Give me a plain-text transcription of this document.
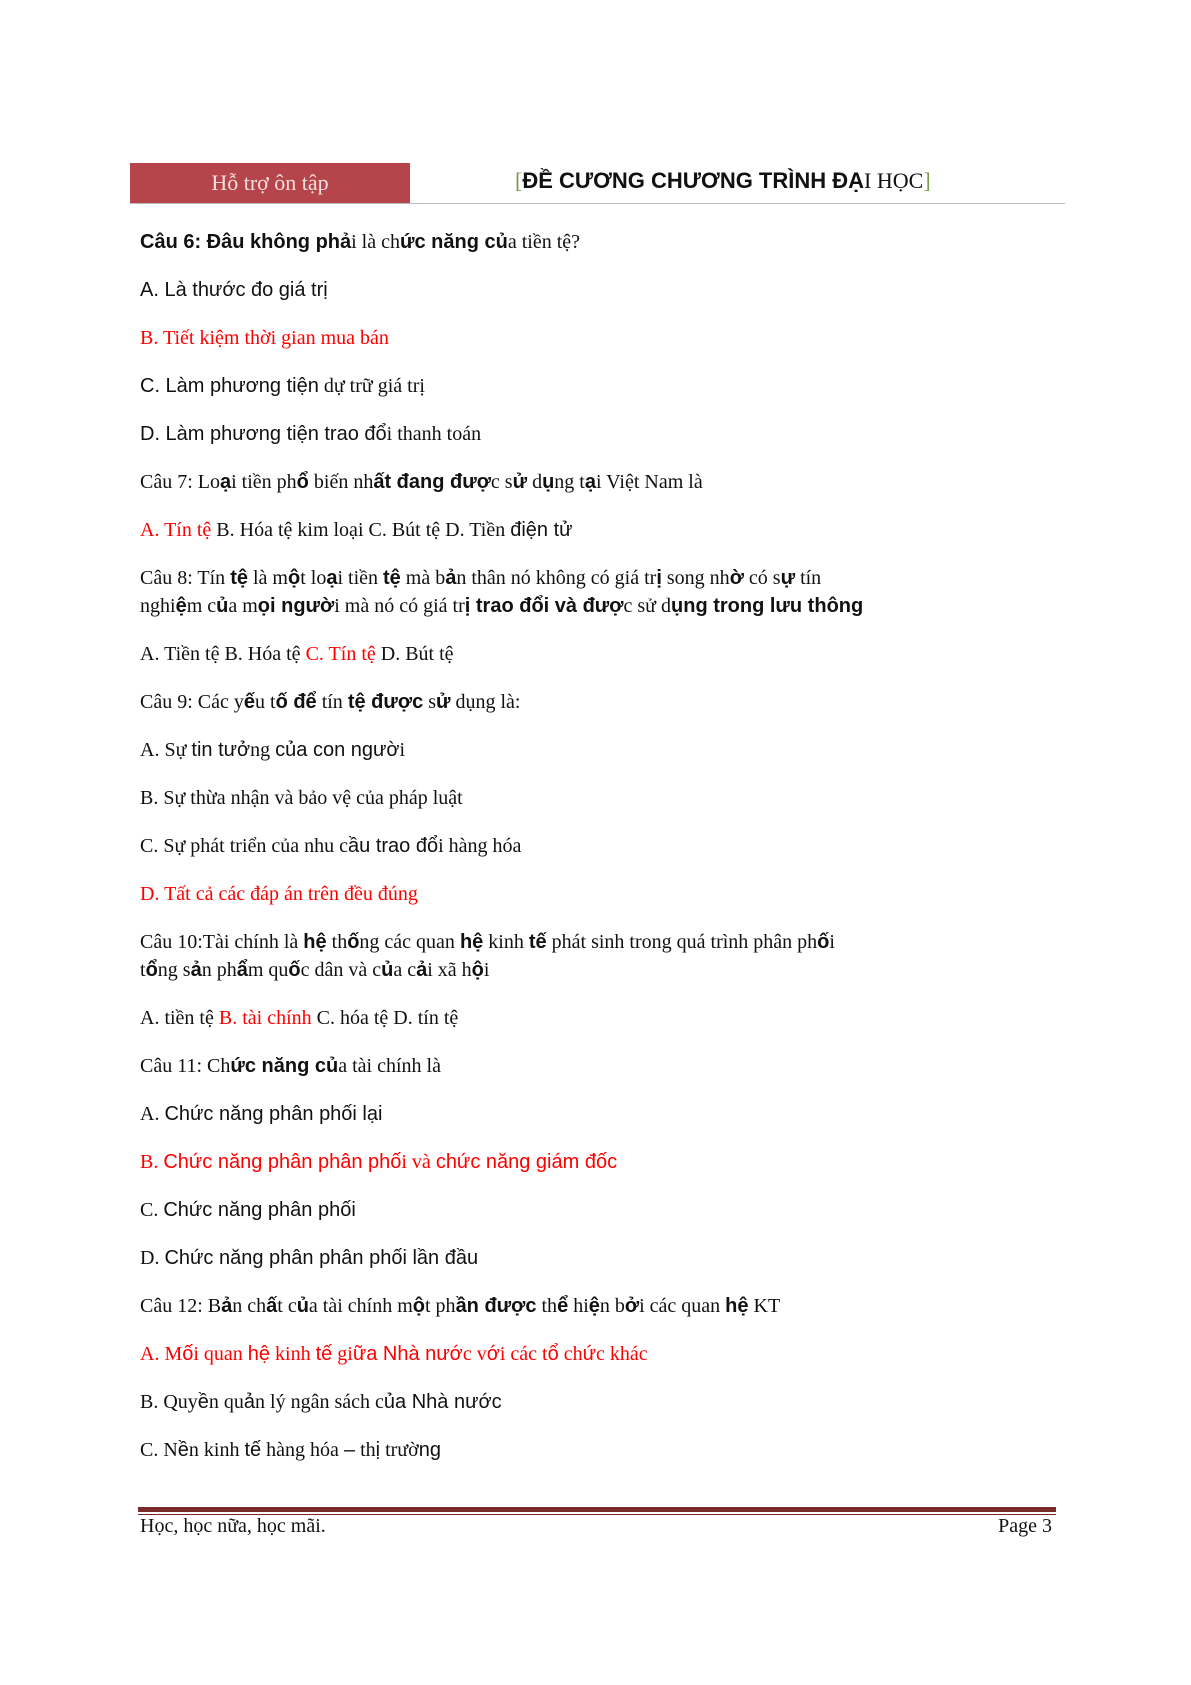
Hỗ trợ ôn tập	[ĐỀ CƯƠNG CHƯƠNG TRÌNH ĐẠI HỌC]
Câu 6: Đâu không phải là chức năng của tiền tệ?
A. Là thước đo giá trị
B. Tiết kiệm thời gian mua bán
C. Làm phương tiện dự trữ giá trị
D. Làm phương tiện trao đổi thanh toán
Câu 7: Loại tiền phổ biến nhất đang được sử dụng tại Việt Nam là
A. Tín tệ B. Hóa tệ kim loại C. Bút tệ D. Tiền điện tử
Câu 8: Tín tệ là một loại tiền tệ mà bản thân nó không có giá trị song nhờ có sự tín
nghiệm của mọi người mà nó có giá trị trao đổi và được sử dụng trong lưu thông
A. Tiền tệ B. Hóa tệ C. Tín tệ D. Bút tệ
Câu 9: Các yếu tố để tín tệ được sử dụng là:
A. Sự tin tưởng của con người
B. Sự thừa nhận và bảo vệ của pháp luật
C. Sự phát triển của nhu cầu trao đổi hàng hóa
D. Tất cả các đáp án trên đều đúng
Câu 10:Tài chính là hệ thống các quan hệ kinh tế phát sinh trong quá trình phân phối
tổng sản phẩm quốc dân và của cải xã hội
A. tiền tệ B. tài chính C. hóa tệ D. tín tệ
Câu 11: Chức năng của tài chính là
A. Chức năng phân phối lại
B. Chức năng phân phân phối và chức năng giám đốc
C. Chức năng phân phối
D. Chức năng phân phân phối lần đầu
Câu 12: Bản chất của tài chính một phần được thể hiện bởi các quan hệ KT
A. Mối quan hệ kinh tế giữa Nhà nước với các tổ chức khác
B. Quyền quản lý ngân sách của Nhà nước
C. Nền kinh tế hàng hóa – thị trường
Học, học nữa, học mãi.	Page 3
